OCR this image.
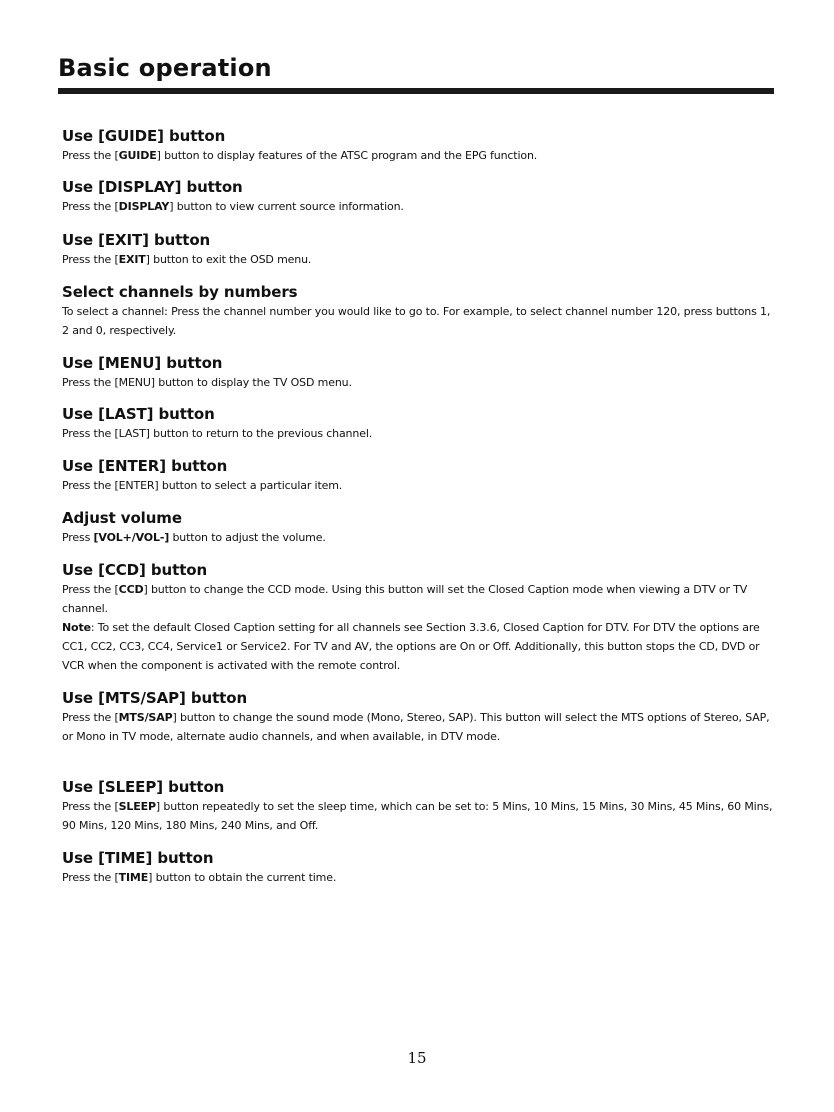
Basic operation
Use [GUIDE] button

Press the [GUIDE] button to display features of the ATSC program and the EPG function.

Use [DISPLAY] button

Press the [DISPLAY] button to view current source information.

Use [EXIT] button

Press the [EXIT] button to exit the OSD menu.

Select channels by numbers

To select a channel: Press the channel number you would like to go to. For example, to select channel number 120, press buttons 1, 2 and 0, respectively.

Use [MENU] button

Press the [MENU] button to display the TV OSD menu.

Use [LAST] button

Press the [LAST] button to return to the previous channel.

Use [ENTER] button

Press the [ENTER] button to select a particular item.

Adjust volume

Press [VOL+/VOL-] button to adjust the volume.

Use [CCD] button

Press the [CCD] button to change the CCD mode. Using this button will set the Closed Caption mode when viewing a DTV or TV channel.

Note: To set the default Closed Caption setting for all channels see Section 3.3.6, Closed Caption for DTV. For DTV the options are CC1, CC2, CC3, CC4, Service1 or Service2. For TV and AV, the options are On or Off. Additionally, this button stops the CD, DVD or VCR when the component is activated with the remote control.

Use [MTS/SAP] button

Press the [MTS/SAP] button to change the sound mode (Mono, Stereo, SAP). This button will select the MTS options of Stereo, SAP, or Mono in TV mode, alternate audio channels, and when available, in DTV mode.

Use [SLEEP] button

Press the [SLEEP] button repeatedly to set the sleep time, which can be set to: 5 Mins, 10 Mins, 15 Mins, 30 Mins, 45 Mins, 60 Mins, 90 Mins, 120 Mins, 180 Mins, 240 Mins, and Off.

Use [TIME] button

Press the [TIME] button to obtain the current time.

15
